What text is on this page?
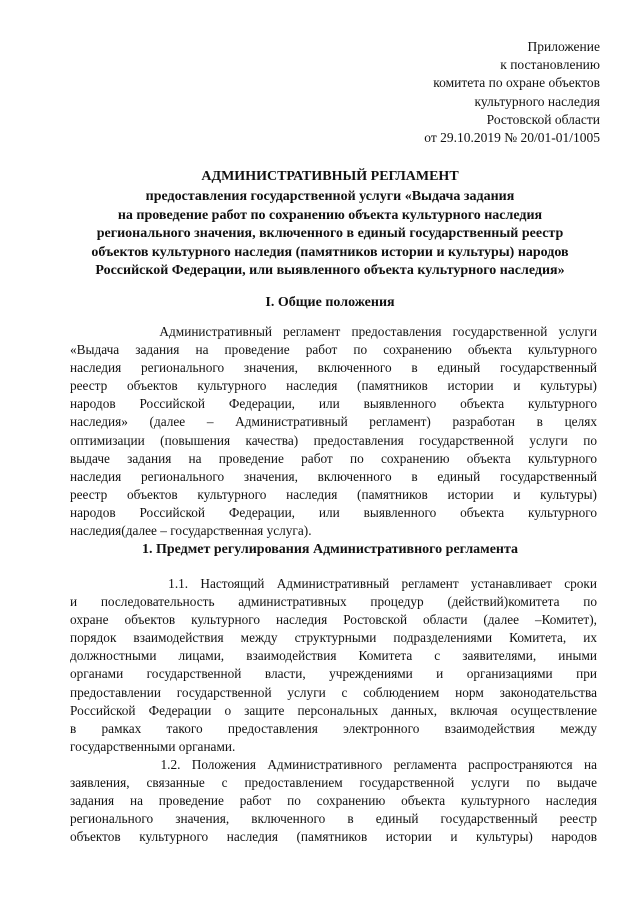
Приложение
к постановлению
комитета по охране объектов
культурного наследия
Ростовской области
от 29.10.2019 № 20/01-01/1005
АДМИНИСТРАТИВНЫЙ РЕГЛАМЕНТ
предоставления государственной услуги «Выдача задания
на проведение работ по сохранению объекта культурного наследия
регионального значения, включенного в единый государственный реестр
объектов культурного наследия (памятников истории и культуры) народов
Российской Федерации, или выявленного объекта культурного наследия»
I. Общие положения
Административный регламент предоставления государственной услуги
«Выдача задания на проведение работ по сохранению объекта культурного
наследия регионального значения, включенного в единый государственный
реестр объектов культурного наследия (памятников истории и культуры)
народов Российской Федерации, или выявленного объекта культурного
наследия» (далее – Административный регламент) разработан в целях
оптимизации (повышения качества) предоставления государственной услуги по
выдаче задания на проведение работ по сохранению объекта культурного
наследия регионального значения, включенного в единый государственный
реестр объектов культурного наследия (памятников истории и культуры)
народов Российской Федерации, или выявленного объекта культурного
наследия(далее – государственная услуга).
1. Предмет регулирования Административного регламента
1.1. Настоящий Административный регламент устанавливает сроки
и последовательность административных процедур (действий)комитета по
охране объектов культурного наследия Ростовской области (далее –Комитет),
порядок взаимодействия между структурными подразделениями Комитета, их
должностными лицами, взаимодействия Комитета с заявителями, иными
органами государственной власти, учреждениями и организациями при
предоставлении государственной услуги с соблюдением норм законодательства
Российской Федерации о защите персональных данных, включая осуществление
в рамках такого предоставления электронного взаимодействия между
государственными органами.
1.2. Положения Административного регламента распространяются на
заявления, связанные с предоставлением государственной услуги по выдаче
задания на проведение работ по сохранению объекта культурного наследия
регионального значения, включенного в единый государственный реестр
объектов культурного наследия (памятников истории и культуры) народов
